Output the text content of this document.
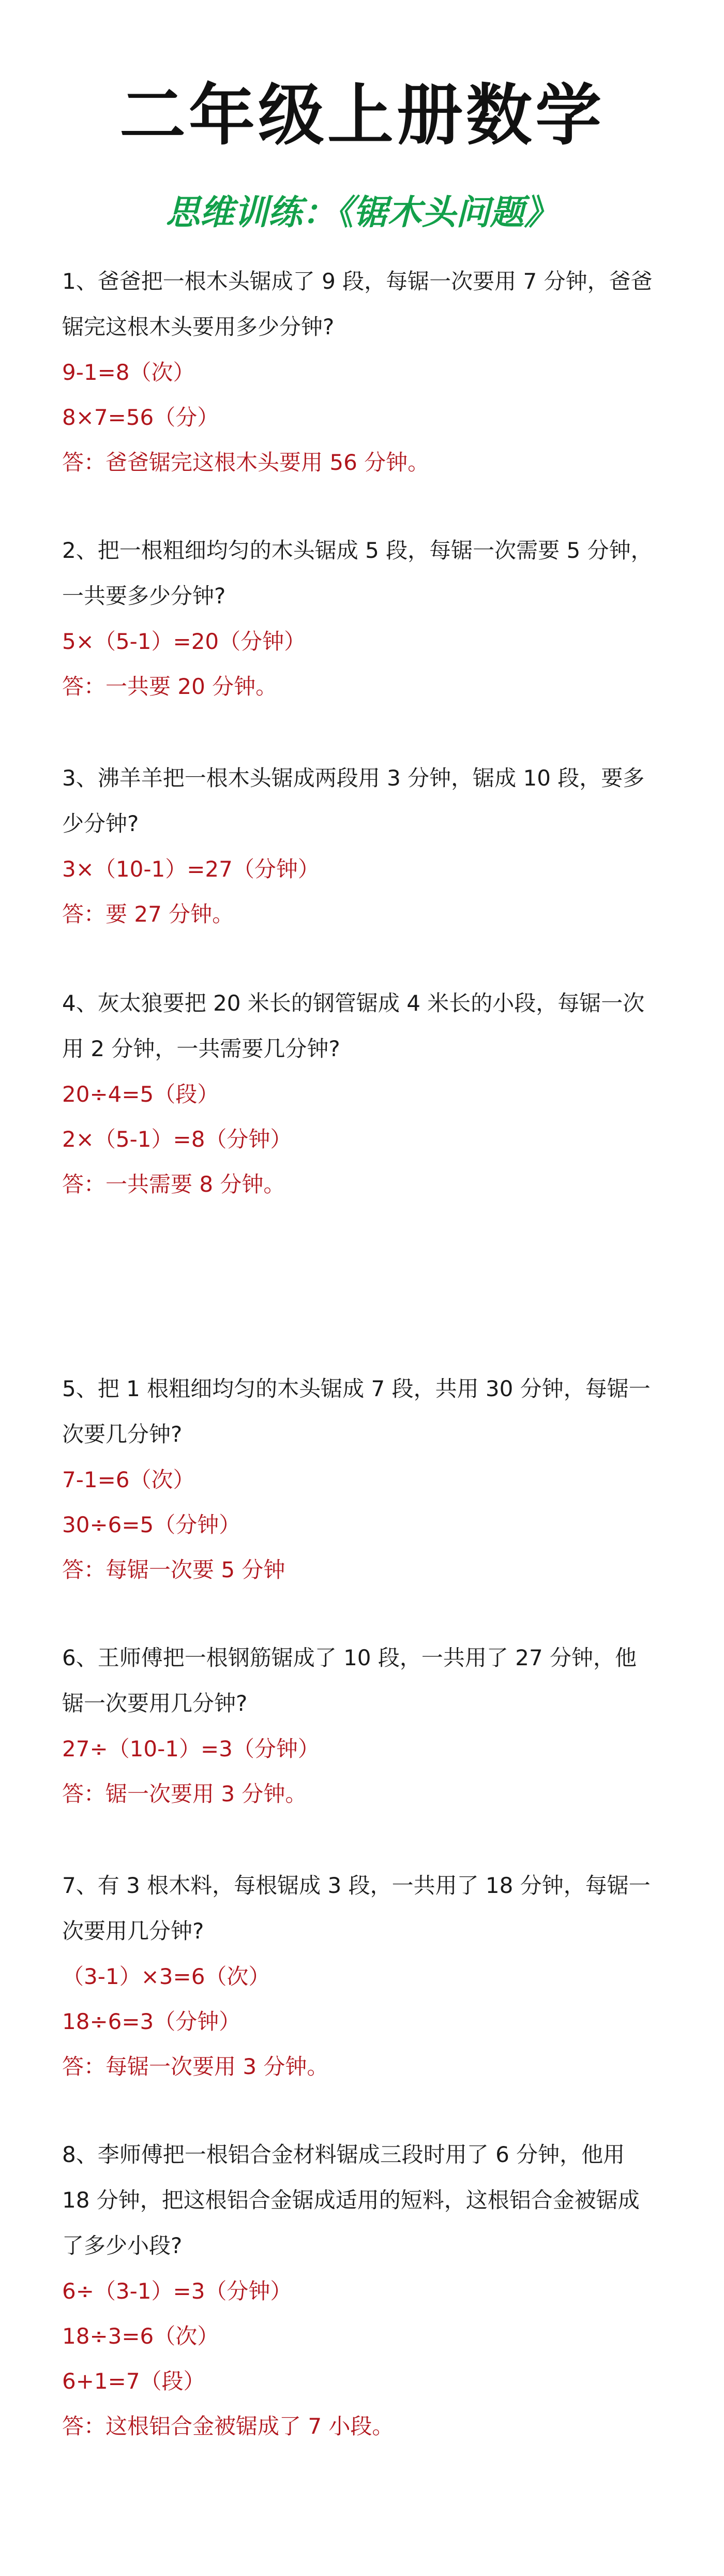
二年级上册数学
思维训练：《锯木头问题》

1、爸爸把一根木头锯成了 9 段，每锯一次要用 7 分钟，爸爸

锯完这根木头要用多少分钟?

9-1=8（次）

8×7=56（分）

答：爸爸锯完这根木头要用 56 分钟。

2、把一根粗细均匀的木头锯成 5 段，每锯一次需要 5 分钟，

一共要多少分钟?

5×（5-1）=20（分钟）

答：一共要 20 分钟。

3、沸羊羊把一根木头锯成两段用 3 分钟，锯成 10 段，要多

少分钟?

3×（10-1）=27（分钟）

答：要 27 分钟。

4、灰太狼要把 20 米长的钢管锯成 4 米长的小段，每锯一次

用 2 分钟，一共需要几分钟?

20÷4=5（段）

2×（5-1）=8（分钟）

答：一共需要 8 分钟。

5、把 1 根粗细均匀的木头锯成 7 段，共用 30 分钟，每锯一

次要几分钟?

7-1=6（次）

30÷6=5（分钟）

答：每锯一次要 5 分钟

6、王师傅把一根钢筋锯成了 10 段，一共用了 27 分钟，他

锯一次要用几分钟?

27÷（10-1）=3（分钟）

答：锯一次要用 3 分钟。

7、有 3 根木料，每根锯成 3 段，一共用了 18 分钟，每锯一

次要用几分钟?

（3-1）×3=6（次）

18÷6=3（分钟）

答：每锯一次要用 3 分钟。

8、李师傅把一根铝合金材料锯成三段时用了 6 分钟，他用

18 分钟，把这根铝合金锯成适用的短料，这根铝合金被锯成

了多少小段?

6÷（3-1）=3（分钟）

18÷3=6（次）

6+1=7（段）

答：这根铝合金被锯成了 7 小段。
